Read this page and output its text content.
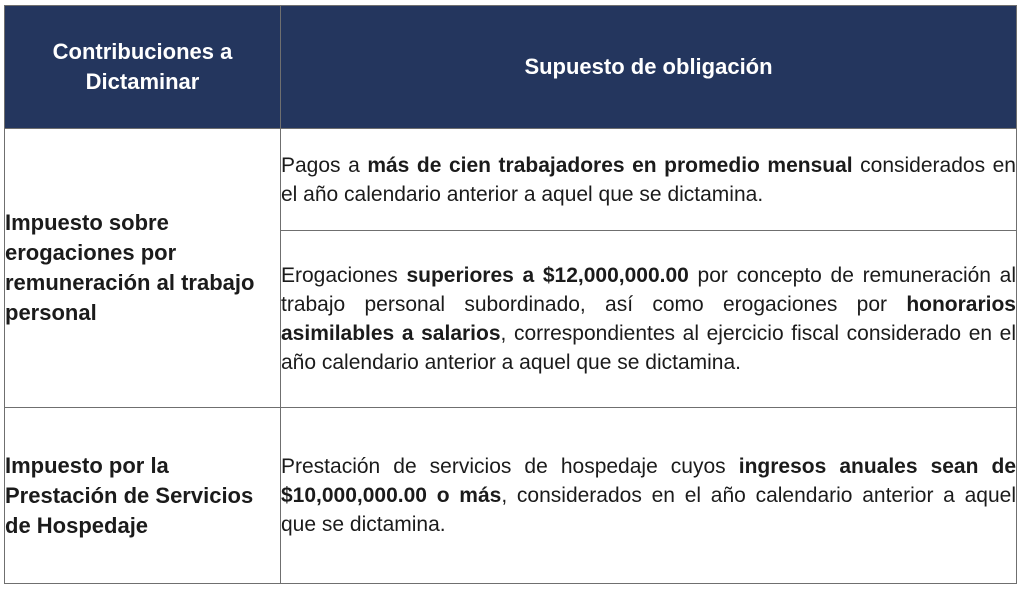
Contribuciones a Dictaminar	Supuesto de obligación
Impuesto sobre erogaciones por remuneración al trabajo personal	Pagos a más de cien trabajadores en promedio mensual considerados en el año calendario anterior a aquel que se dictamina.
	Erogaciones superiores a $12,000,000.00 por concepto de remuneración al trabajo personal subordinado, así como erogaciones por honorarios asimilables a salarios, correspondientes al ejercicio fiscal considerado en el año calendario anterior a aquel que se dictamina.
Impuesto por la Prestación de Servicios de Hospedaje	Prestación de servicios de hospedaje cuyos ingresos anuales sean de $10,000,000.00 o más, considerados en el año calendario anterior a aquel que se dictamina.
